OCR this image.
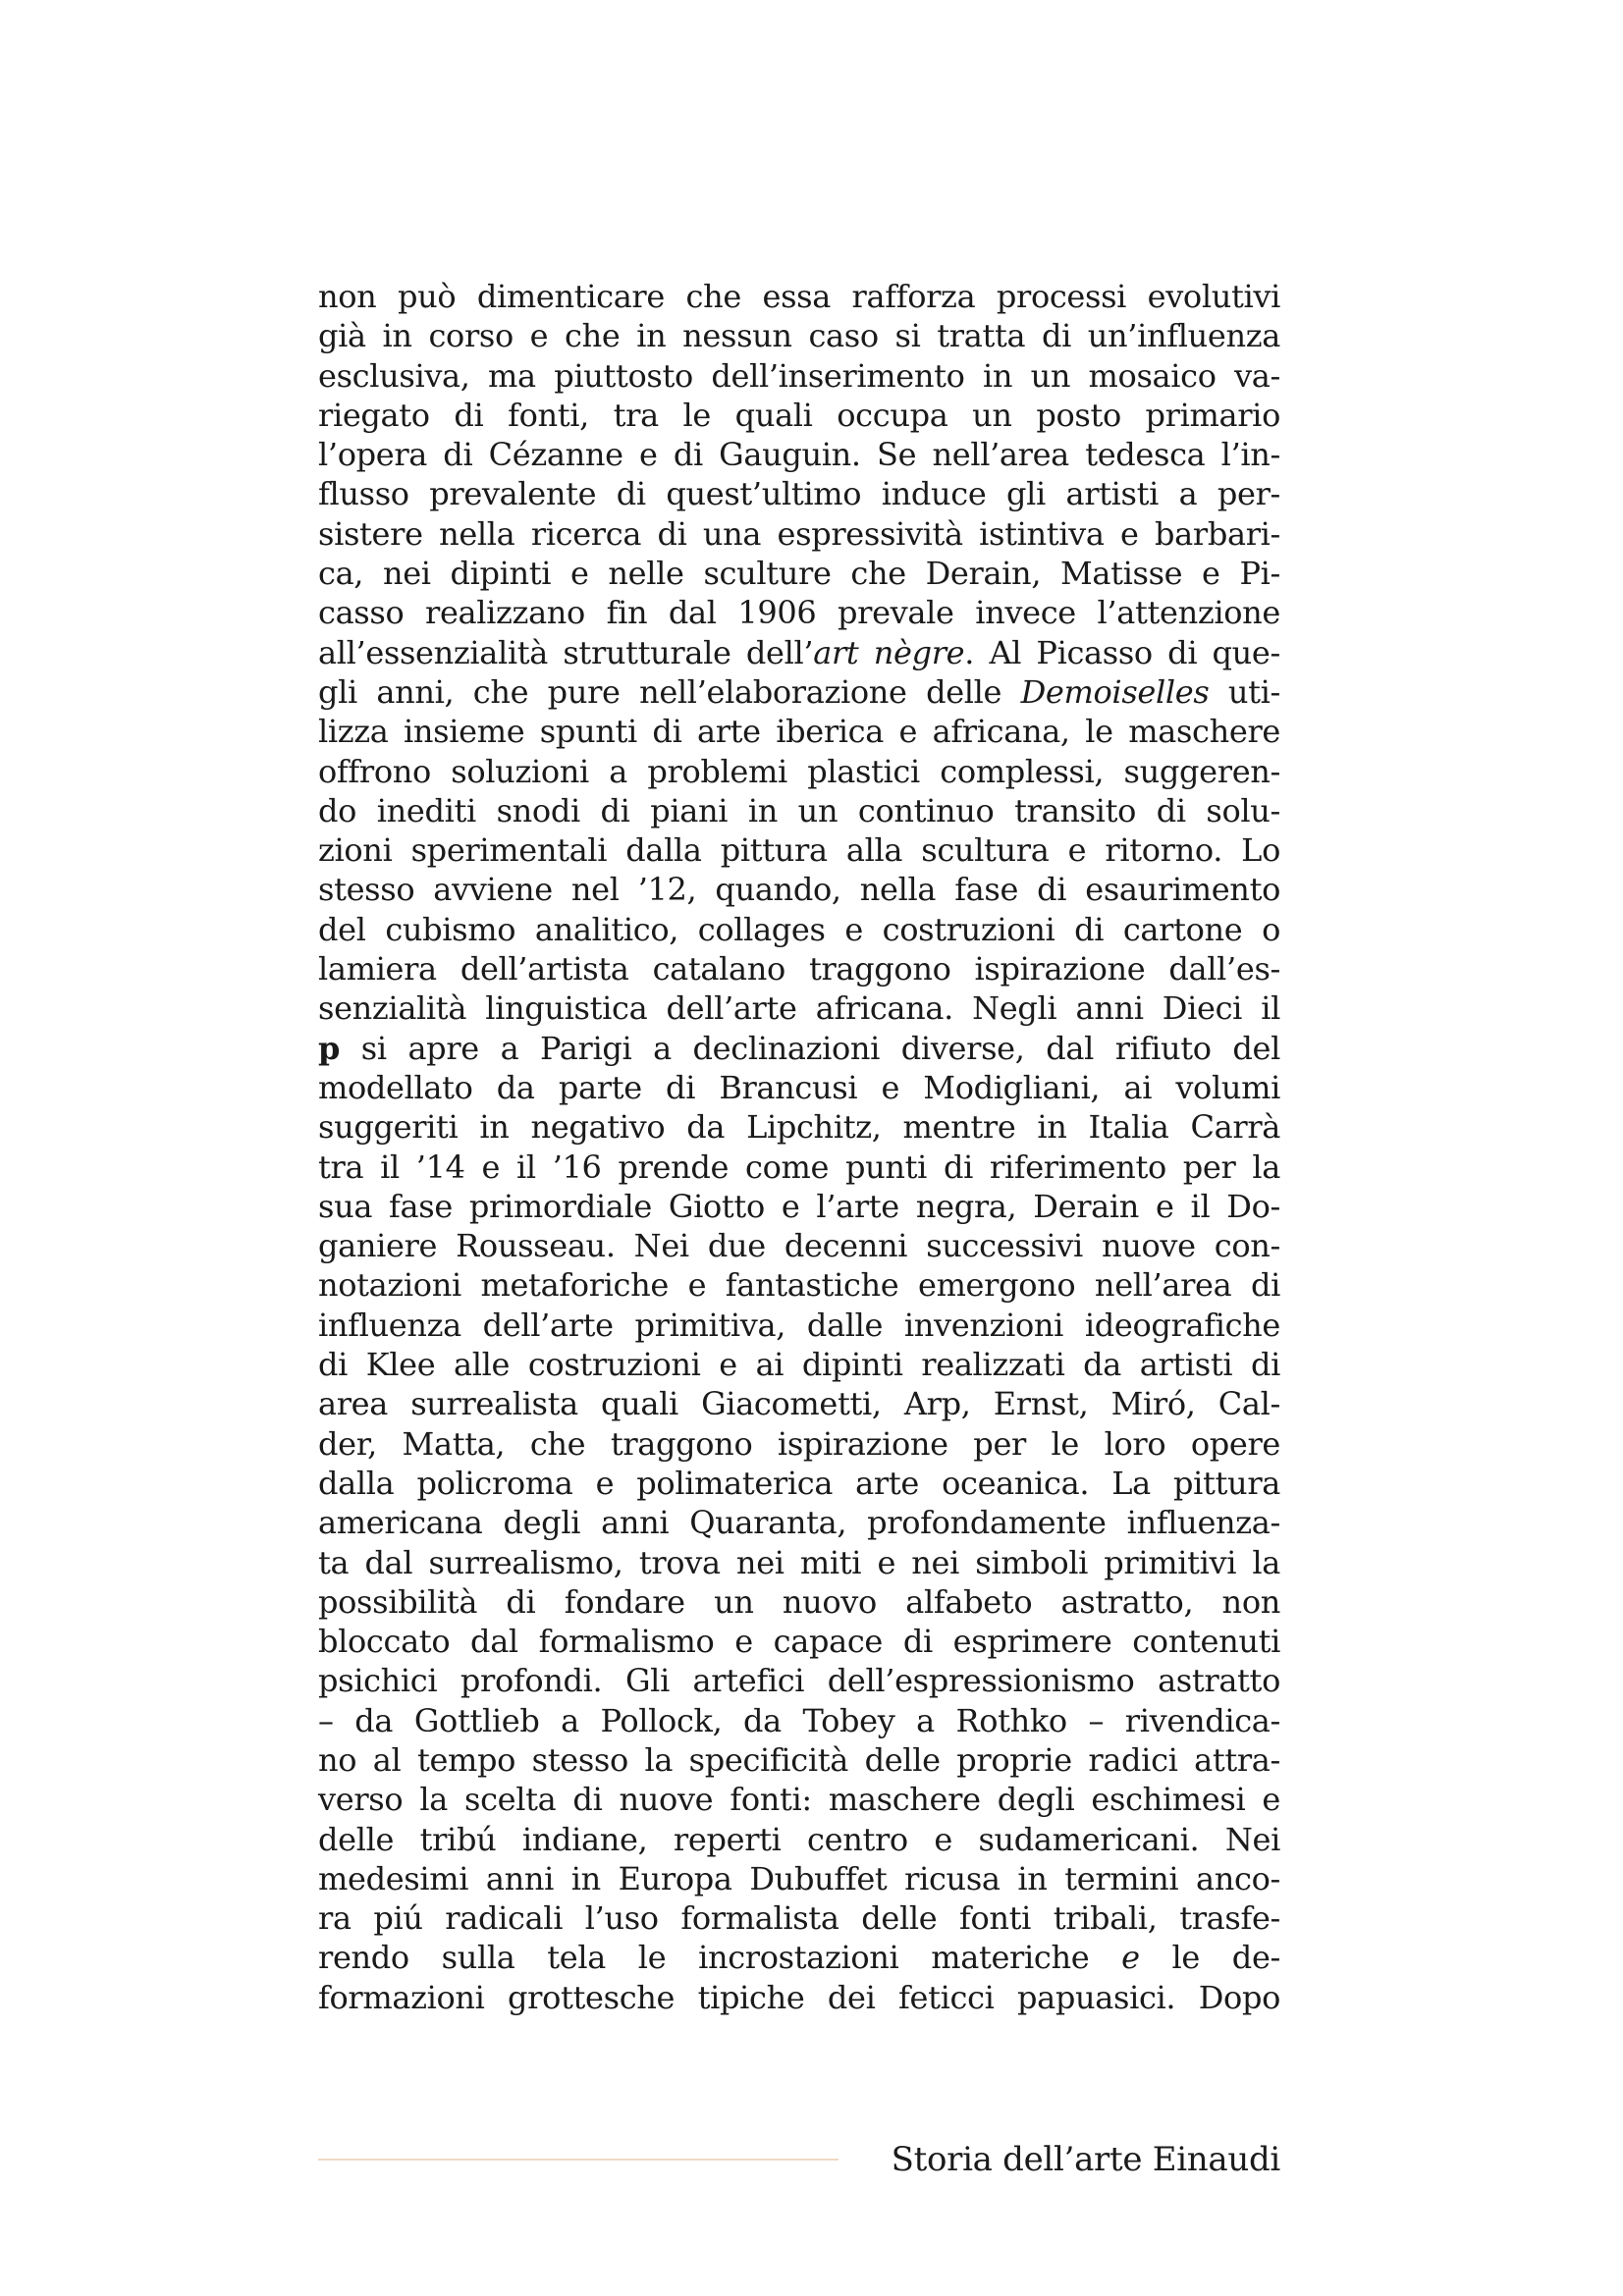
non può dimenticare che essa rafforza processi evolutivi
già in corso e che in nessun caso si tratta di un’influenza
esclusiva, ma piuttosto dell’inserimento in un mosaico va-
riegato di fonti, tra le quali occupa un posto primario
l’opera di Cézanne e di Gauguin. Se nell’area tedesca l’in-
flusso prevalente di quest’ultimo induce gli artisti a per-
sistere nella ricerca di una espressività istintiva e barbari-
ca, nei dipinti e nelle sculture che Derain, Matisse e Pi-
casso realizzano fin dal 1906 prevale invece l’attenzione
all’essenzialità strutturale dell’art nègre. Al Picasso di que-
gli anni, che pure nell’elaborazione delle Demoiselles uti-
lizza insieme spunti di arte iberica e africana, le maschere
offrono soluzioni a problemi plastici complessi, suggeren-
do inediti snodi di piani in un continuo transito di solu-
zioni sperimentali dalla pittura alla scultura e ritorno. Lo
stesso avviene nel ’12, quando, nella fase di esaurimento
del cubismo analitico, collages e costruzioni di cartone o
lamiera dell’artista catalano traggono ispirazione dall’es-
senzialità linguistica dell’arte africana. Negli anni Dieci il
p si apre a Parigi a declinazioni diverse, dal rifiuto del
modellato da parte di Brancusi e Modigliani, ai volumi
suggeriti in negativo da Lipchitz, mentre in Italia Carrà
tra il ’14 e il ’16 prende come punti di riferimento per la
sua fase primordiale Giotto e l’arte negra, Derain e il Do-
ganiere Rousseau. Nei due decenni successivi nuove con-
notazioni metaforiche e fantastiche emergono nell’area di
influenza dell’arte primitiva, dalle invenzioni ideografiche
di Klee alle costruzioni e ai dipinti realizzati da artisti di
area surrealista quali Giacometti, Arp, Ernst, Miró, Cal-
der, Matta, che traggono ispirazione per le loro opere
dalla policroma e polimaterica arte oceanica. La pittura
americana degli anni Quaranta, profondamente influenza-
ta dal surrealismo, trova nei miti e nei simboli primitivi la
possibilità di fondare un nuovo alfabeto astratto, non
bloccato dal formalismo e capace di esprimere contenuti
psichici profondi. Gli artefici dell’espressionismo astratto
– da Gottlieb a Pollock, da Tobey a Rothko – rivendica-
no al tempo stesso la specificità delle proprie radici attra-
verso la scelta di nuove fonti: maschere degli eschimesi e
delle tribú indiane, reperti centro e sudamericani. Nei
medesimi anni in Europa Dubuffet ricusa in termini anco-
ra piú radicali l’uso formalista delle fonti tribali, trasfe-
rendo sulla tela le incrostazioni materiche e le de-
formazioni grottesche tipiche dei feticci papuasici. Dopo
Storia dell’arte Einaudi
